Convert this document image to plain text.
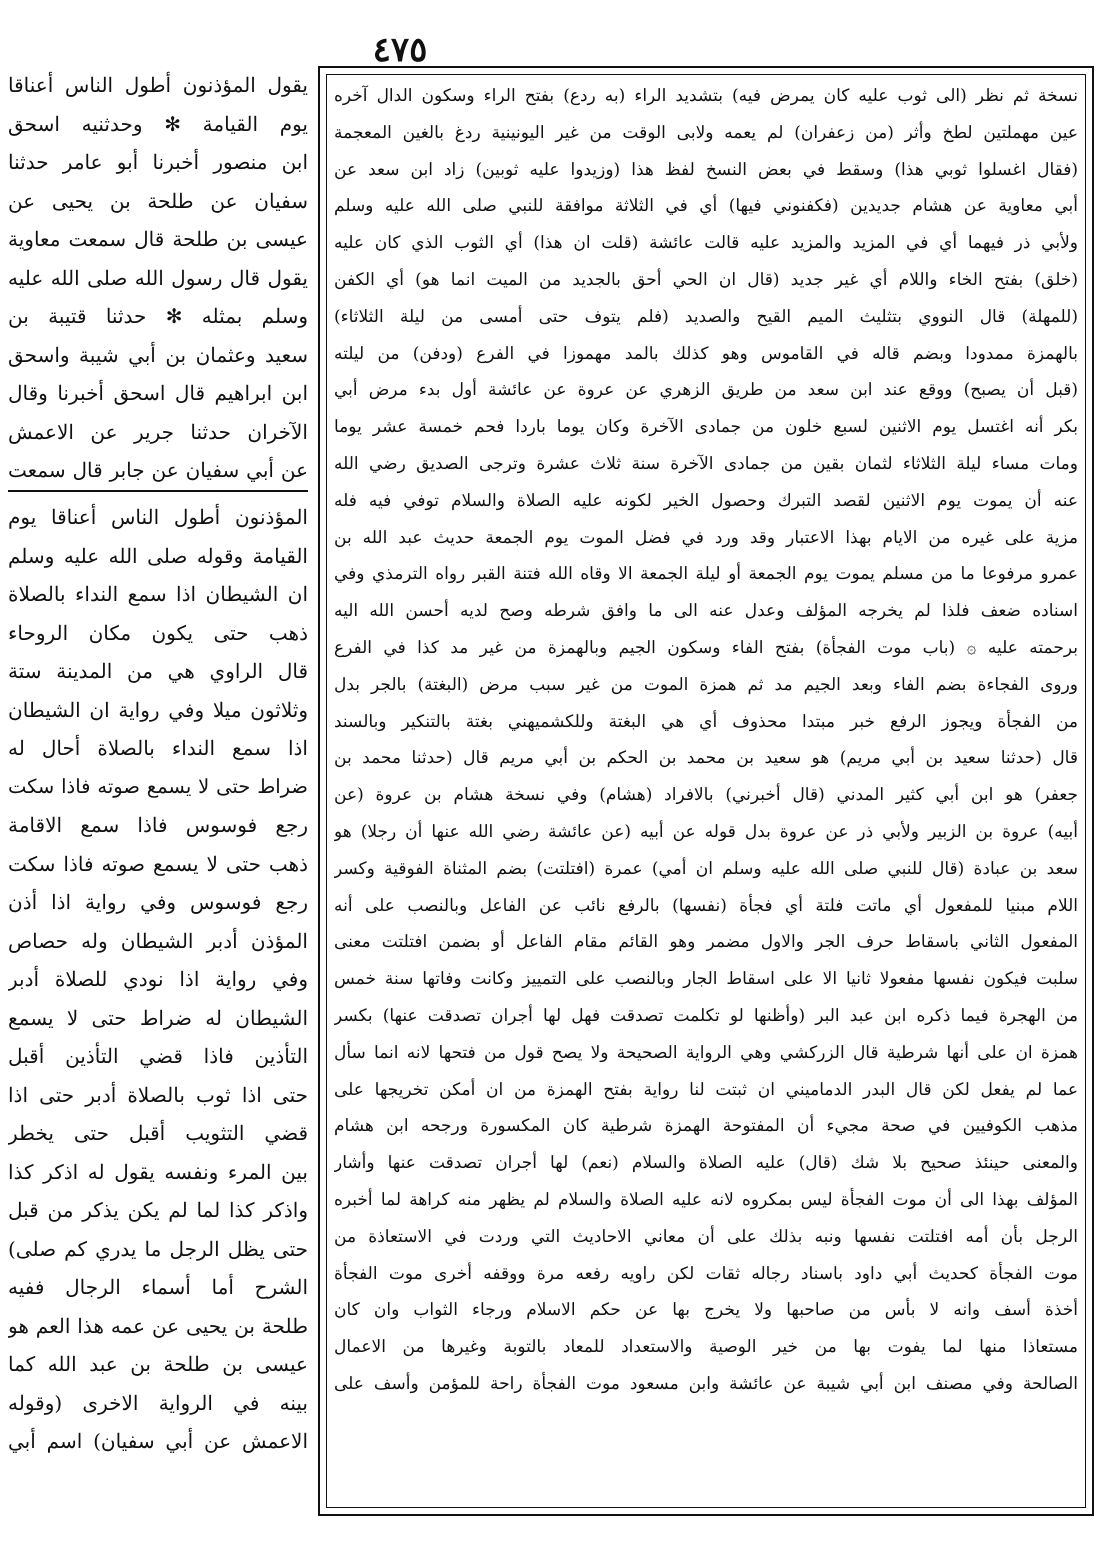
٤٧٥
نسخة ثم نظر (الى ثوب عليه كان يمرض فيه) بتشديد الراء (به ردع) بفتح الراء وسكون الدال آخره
عين مهملتين لطخ وأثر (من زعفران) لم يعمه ولابى الوقت من غير اليونينية ردغ بالغين المعجمة
(فقال اغسلوا ثوبي هذا) وسقط في بعض النسخ لفظ هذا (وزيدوا عليه ثوبين) زاد ابن سعد عن
أبي معاوية عن هشام جديدين (فكفنوني فيها) أي في الثلاثة موافقة للنبي صلى الله عليه وسلم
ولأبي ذر فيهما أي في المزيد والمزيد عليه قالت عائشة (قلت ان هذا) أي الثوب الذي كان عليه
(خلق) بفتح الخاء واللام أي غير جديد (قال ان الحي أحق بالجديد من الميت انما هو) أي الكفن
(للمهلة) قال النووي بتثليث الميم القيح والصديد (فلم يتوف حتى أمسى من ليلة الثلاثاء)
بالهمزة ممدودا وبضم قاله في القاموس وهو كذلك بالمد مهموزا في الفرع (ودفن) من ليلته
(قبل أن يصبح) ووقع عند ابن سعد من طريق الزهري عن عروة عن عائشة أول بدء مرض أبي
بكر أنه اغتسل يوم الاثنين لسبع خلون من جمادى الآخرة وكان يوما باردا فحم خمسة عشر يوما
ومات مساء ليلة الثلاثاء لثمان بقين من جمادى الآخرة سنة ثلاث عشرة وترجى الصديق رضي الله
عنه أن يموت يوم الاثنين لقصد التبرك وحصول الخير لكونه عليه الصلاة والسلام توفي فيه فله
مزية على غيره من الايام بهذا الاعتبار وقد ورد في فضل الموت يوم الجمعة حديث عبد الله بن
عمرو مرفوعا ما من مسلم يموت يوم الجمعة أو ليلة الجمعة الا وقاه الله فتنة القبر رواه الترمذي وفي
اسناده ضعف فلذا لم يخرجه المؤلف وعدل عنه الى ما وافق شرطه وصح لديه أحسن الله اليه
برحمته عليه ۞ (باب موت الفجأة) بفتح الفاء وسكون الجيم وبالهمزة من غير مد كذا في الفرع
وروى الفجاءة بضم الفاء وبعد الجيم مد ثم همزة الموت من غير سبب مرض (البغتة) بالجر بدل
من الفجأة ويجوز الرفع خبر مبتدا محذوف أي هي البغتة وللكشميهني بغتة بالتنكير وبالسند
قال (حدثنا سعيد بن أبي مريم) هو سعيد بن محمد بن الحكم بن أبي مريم قال (حدثنا محمد بن
جعفر) هو ابن أبي كثير المدني (قال أخبرني) بالافراد (هشام) وفي نسخة هشام بن عروة (عن
أبيه) عروة بن الزبير ولأبي ذر عن عروة بدل قوله عن أبيه (عن عائشة رضي الله عنها أن رجلا) هو
سعد بن عبادة (قال للنبي صلى الله عليه وسلم ان أمي) عمرة (افتلتت) بضم المثناة الفوقية وكسر
اللام مبنيا للمفعول أي ماتت فلتة أي فجأة (نفسها) بالرفع نائب عن الفاعل وبالنصب على أنه
المفعول الثاني باسقاط حرف الجر والاول مضمر وهو القائم مقام الفاعل أو بضمن افتلتت معنى
سلبت فيكون نفسها مفعولا ثانيا الا على اسقاط الجار وبالنصب على التمييز وكانت وفاتها سنة خمس
من الهجرة فيما ذكره ابن عبد البر (وأظنها لو تكلمت تصدقت فهل لها أجران تصدقت عنها) بكسر
همزة ان على أنها شرطية قال الزركشي وهي الرواية الصحيحة ولا يصح قول من فتحها لانه انما سأل
عما لم يفعل لكن قال البدر الدماميني ان ثبتت لنا رواية بفتح الهمزة من ان أمكن تخريجها على
مذهب الكوفيين في صحة مجيء أن المفتوحة الهمزة شرطية كان المكسورة ورجحه ابن هشام
والمعنى حينئذ صحيح بلا شك (قال) عليه الصلاة والسلام (نعم) لها أجران تصدقت عنها وأشار
المؤلف بهذا الى أن موت الفجأة ليس بمكروه لانه عليه الصلاة والسلام لم يظهر منه كراهة لما أخبره
الرجل بأن أمه افتلتت نفسها ونبه بذلك على أن معاني الاحاديث التي وردت في الاستعاذة من
موت الفجأة كحديث أبي داود باسناد رجاله ثقات لكن راويه رفعه مرة ووقفه أخرى موت الفجأة
أخذة أسف وانه لا بأس من صاحبها ولا يخرج بها عن حكم الاسلام ورجاء الثواب وان كان
مستعاذا منها لما يفوت بها من خير الوصية والاستعداد للمعاد بالتوبة وغيرها من الاعمال
الصالحة وفي مصنف ابن أبي شيبة عن عائشة وابن مسعود موت الفجأة راحة للمؤمن وأسف على
يقول المؤذنون أطول الناس أعناقا
يوم القيامة ✻ وحدثنيه اسحق
ابن منصور أخبرنا أبو عامر حدثنا
سفيان عن طلحة بن يحيى عن
عيسى بن طلحة قال سمعت معاوية
يقول قال رسول الله صلى الله عليه
وسلم بمثله ✻ حدثنا قتيبة بن
سعيد وعثمان بن أبي شيبة واسحق
ابن ابراهيم قال اسحق أخبرنا وقال
الآخران حدثنا جرير عن الاعمش
عن أبي سفيان عن جابر قال سمعت
المؤذنون أطول الناس أعناقا يوم
القيامة وقوله صلى الله عليه وسلم
ان الشيطان اذا سمع النداء بالصلاة
ذهب حتى يكون مكان الروحاء
قال الراوي هي من المدينة ستة
وثلاثون ميلا وفي رواية ان الشيطان
اذا سمع النداء بالصلاة أحال له
ضراط حتى لا يسمع صوته فاذا سكت
رجع فوسوس فاذا سمع الاقامة
ذهب حتى لا يسمع صوته فاذا سكت
رجع فوسوس وفي رواية اذا أذن
المؤذن أدبر الشيطان وله حصاص
وفي رواية اذا نودي للصلاة أدبر
الشيطان له ضراط حتى لا يسمع
التأذين فاذا قضي التأذين أقبل
حتى اذا ثوب بالصلاة أدبر حتى اذا
قضي التثويب أقبل حتى يخطر
بين المرء ونفسه يقول له اذكر كذا
واذكر كذا لما لم يكن يذكر من قبل
حتى يظل الرجل ما يدري كم صلى)
الشرح أما أسماء الرجال ففيه
طلحة بن يحيى عن عمه هذا العم هو
عيسى بن طلحة بن عبد الله كما
بينه في الرواية الاخرى (وقوله
الاعمش عن أبي سفيان) اسم أبي
